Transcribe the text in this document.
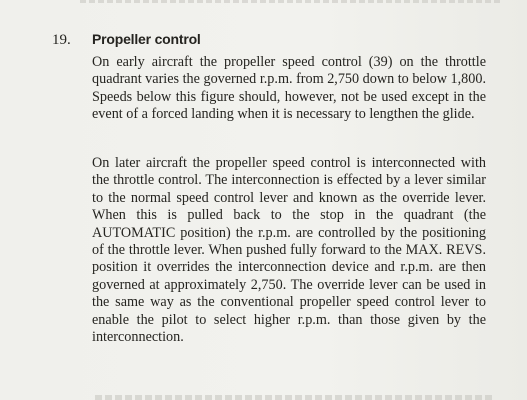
19. Propeller control

On early aircraft the propeller speed control (39) on the throttle quadrant varies the governed r.p.m. from 2,750 down to below 1,800. Speeds below this figure should, however, not be used except in the event of a forced landing when it is necessary to lengthen the glide.

On later aircraft the propeller speed control is interconnected with the throttle control. The interconnection is effected by a lever similar to the normal speed control lever and known as the override lever. When this is pulled back to the stop in the quadrant (the AUTOMATIC position) the r.p.m. are controlled by the positioning of the throttle lever. When pushed fully forward to the MAX. REVS. position it overrides the interconnection device and r.p.m. are then governed at approximately 2,750. The override lever can be used in the same way as the conventional propeller speed control lever to enable the pilot to select higher r.p.m. than those given by the interconnection.
